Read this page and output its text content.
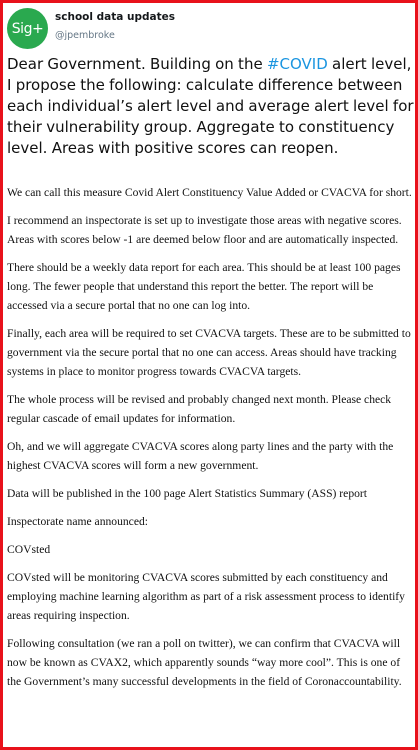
Sig+
school data updates
@jpembroke

Dear Government. Building on the #COVID alert level, I propose the following: calculate difference between each individual’s alert level and average alert level for their vulnerability group. Aggregate to constituency level. Areas with positive scores can reopen.

We can call this measure Covid Alert Constituency Value Added or CVACVA for short.

I recommend an inspectorate is set up to investigate those areas with negative scores. Areas with scores below -1 are deemed below floor and are automatically inspected.

There should be a weekly data report for each area. This should be at least 100 pages long. The fewer people that understand this report the better. The report will be accessed via a secure portal that no one can log into.

Finally, each area will be required to set CVACVA targets. These are to be submitted to government via the secure portal that no one can access. Areas should have tracking systems in place to monitor progress towards CVACVA targets.

The whole process will be revised and probably changed next month. Please check regular cascade of email updates for information.

Oh, and we will aggregate CVACVA scores along party lines and the party with the highest CVACVA scores will form a new government.

Data will be published in the 100 page Alert Statistics Summary (ASS) report

Inspectorate name announced:

COVsted

COVsted will be monitoring CVACVA scores submitted by each constituency and employing machine learning algorithm as part of a risk assessment process to identify areas requiring inspection.

Following consultation (we ran a poll on twitter), we can confirm that CVACVA will now be known as CVAX2, which apparently sounds “way more cool”. This is one of the Government’s many successful developments in the field of Coronaccountability.
